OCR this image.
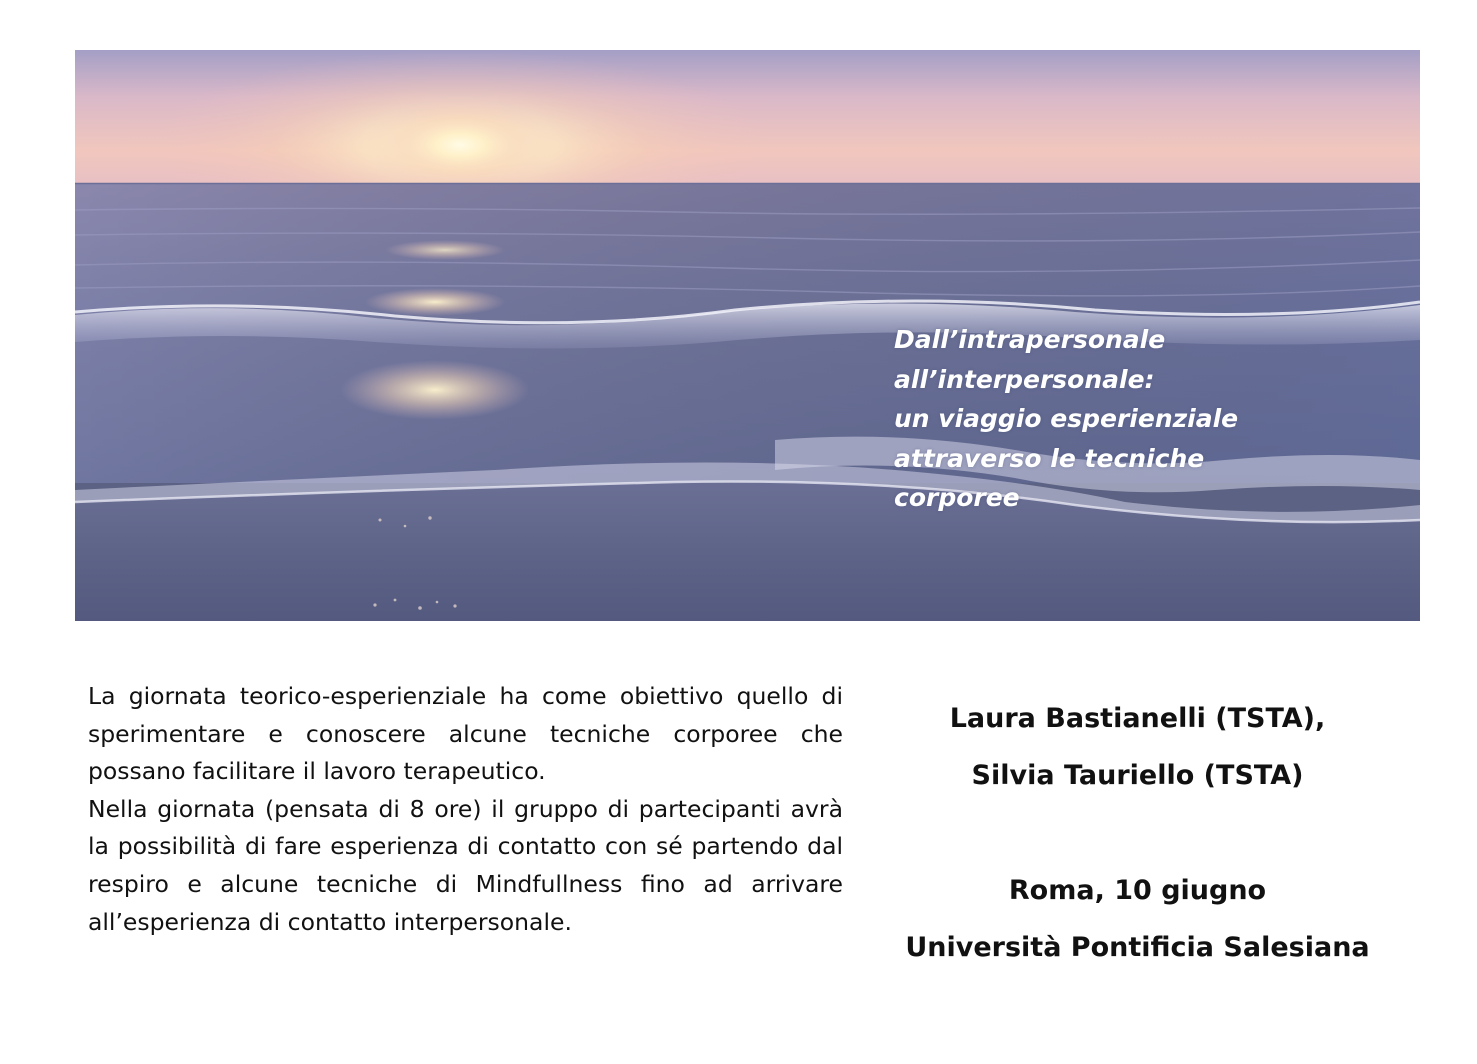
Dall’intrapersonale
all’interpersonale:
un viaggio esperienziale
attraverso le tecniche
corporee

La giornata teorico-esperienziale ha come obiettivo quello di sperimentare e conoscere alcune tecniche corporee che possano facilitare il lavoro terapeutico.

Nella giornata (pensata di 8 ore) il gruppo di partecipanti avrà la possibilità di fare esperienza di contatto con sé partendo dal respiro e alcune tecniche di Mindfullness fino ad arrivare all’esperienza di contatto interpersonale.

Laura Bastianelli (TSTA),
Silvia Tauriello (TSTA)
Roma, 10 giugno
Università Pontificia Salesiana
